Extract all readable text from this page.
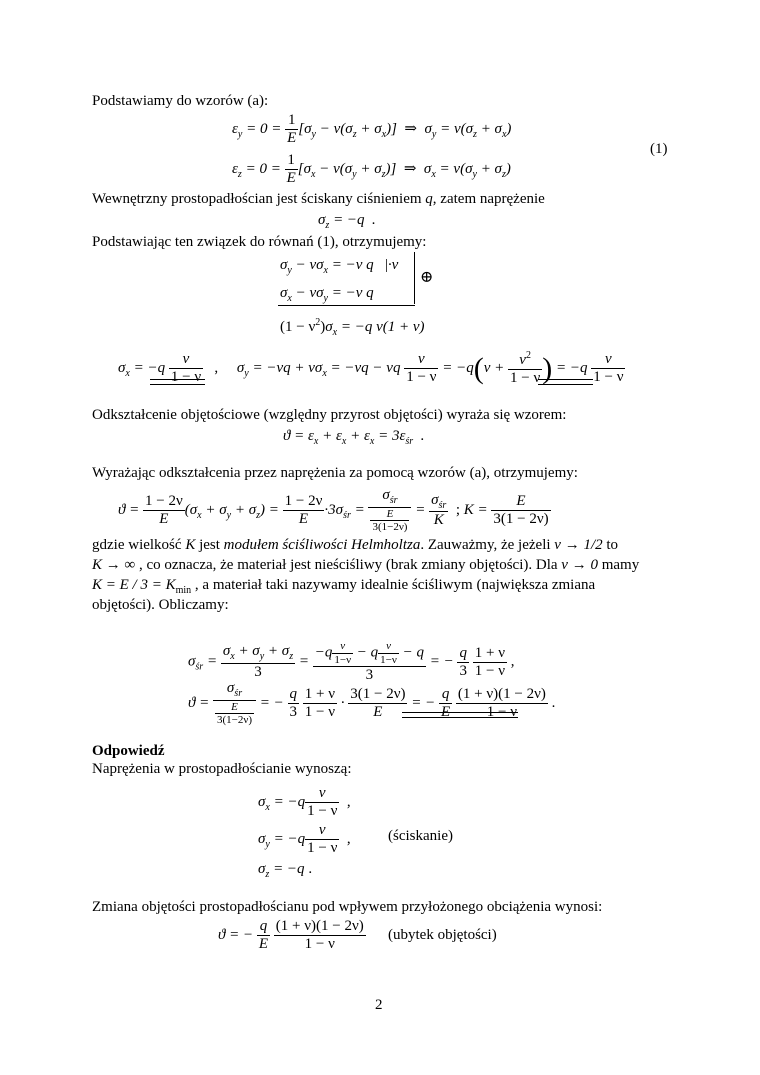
Podstawiamy do wzorów (a):
$\varepsilon_y = 0 = \frac{1}{E} [\sigma_y - \nu(\sigma_z + \sigma_x)]$  ⇒  $\sigma_y = \nu(\sigma_z + \sigma_x)$
$\varepsilon_z = 0 = \frac{1}{E} [\sigma_x - \nu(\sigma_y + \sigma_z)]$  ⇒  $\sigma_x = \nu(\sigma_y + \sigma_z)$
(1)
Wewnętrzny prostopadłościan jest ściskany ciśnieniem q, zatem naprężenie
$\sigma_z = -q$  .
Podstawiając ten związek do równań (1), otrzymujemy:
$\sigma_y - \nu\sigma_x = -\nu$ q   |·ν
$\sigma_x - \nu\sigma_y = -\nu$ q
⊕
$(1 - \nu^2)\sigma_x = -q$ ν(1 + ν)
$\sigma_x = -q \frac{\nu}{1 - \nu}$ ,     $\sigma_y = -\nu q + \nu\sigma_x = -\nu q - \nu q \frac{\nu}{1 - \nu} = -q(\nu + \frac{\nu^2}{1 - \nu}$ ) = $-q \frac{\nu}{1 - \nu}$
Odkształcenie objętościowe (względny przyrost objętości) wyraża się wzorem:
$ϑ = \varepsilon_x + \varepsilon_x + \varepsilon_x = 3\varepsilon_{śr}$  .
Wyrażając odkształcenia przez naprężenia za pomocą wzorów (a), otrzymujemy:
$ϑ = \frac{1 - 2\nu}{E} (\sigma_x + \sigma_y + \sigma_z) = \frac{1 - 2\nu}{E} \cdot 3\sigma_{śr} = \frac{\sigma_{śr}}{\frac{E}{3(1-2\nu)}} = \frac{\sigma_{śr}}{K}$ ; $K = \frac{E}{3(1 - 2\nu)}$
gdzie wielkość K jest modułem ściśliwości Helmholtza. Zauważmy, że jeżeli ν → 1/2 to
K → ∞ , co oznacza, że materiał jest nieściśliwy (brak zmiany objętości). Dla ν → 0 mamy
$K = E / 3 = K_{min}$ , a materiał taki nazywamy idealnie ściśliwym (największa zmiana
objętości). Obliczamy:
$\sigma_{śr} = \frac{\sigma_x + \sigma_y + \sigma_z}{3} = \frac{-q \frac{\nu}{1-\nu} - q \frac{\nu}{1-\nu} - q}{3}$ = − $\frac{q}{3}$
$\frac{1 + \nu}{1 - \nu}$ ,
$ϑ = \frac{\sigma_{śr}}{\frac{E}{3(1-2\nu)}}$ = − $\frac{q}{3}$
$\frac{1 + \nu}{1 - \nu} \cdot \frac{3(1 - 2\nu)}{E}$ = − $\frac{q}{E}$
$\frac{(1 + \nu)(1 - 2\nu)}{1 - \nu}$ .
Odpowiedź
Naprężenia w prostopadłościanie wynoszą:
$\sigma_x = -q \frac{\nu}{1 - \nu}$ ,
$\sigma_y = -q \frac{\nu}{1 - \nu}$ , (ściskanie)
$\sigma_z = -q$ .
Zmiana objętości prostopadłościanu pod wpływem przyłożonego obciążenia wynosi:
ϑ = − $\frac{q}{E}$
$\frac{(1 + \nu)(1 - 2\nu)}{1 - \nu}$ (ubytek objętości)
2
